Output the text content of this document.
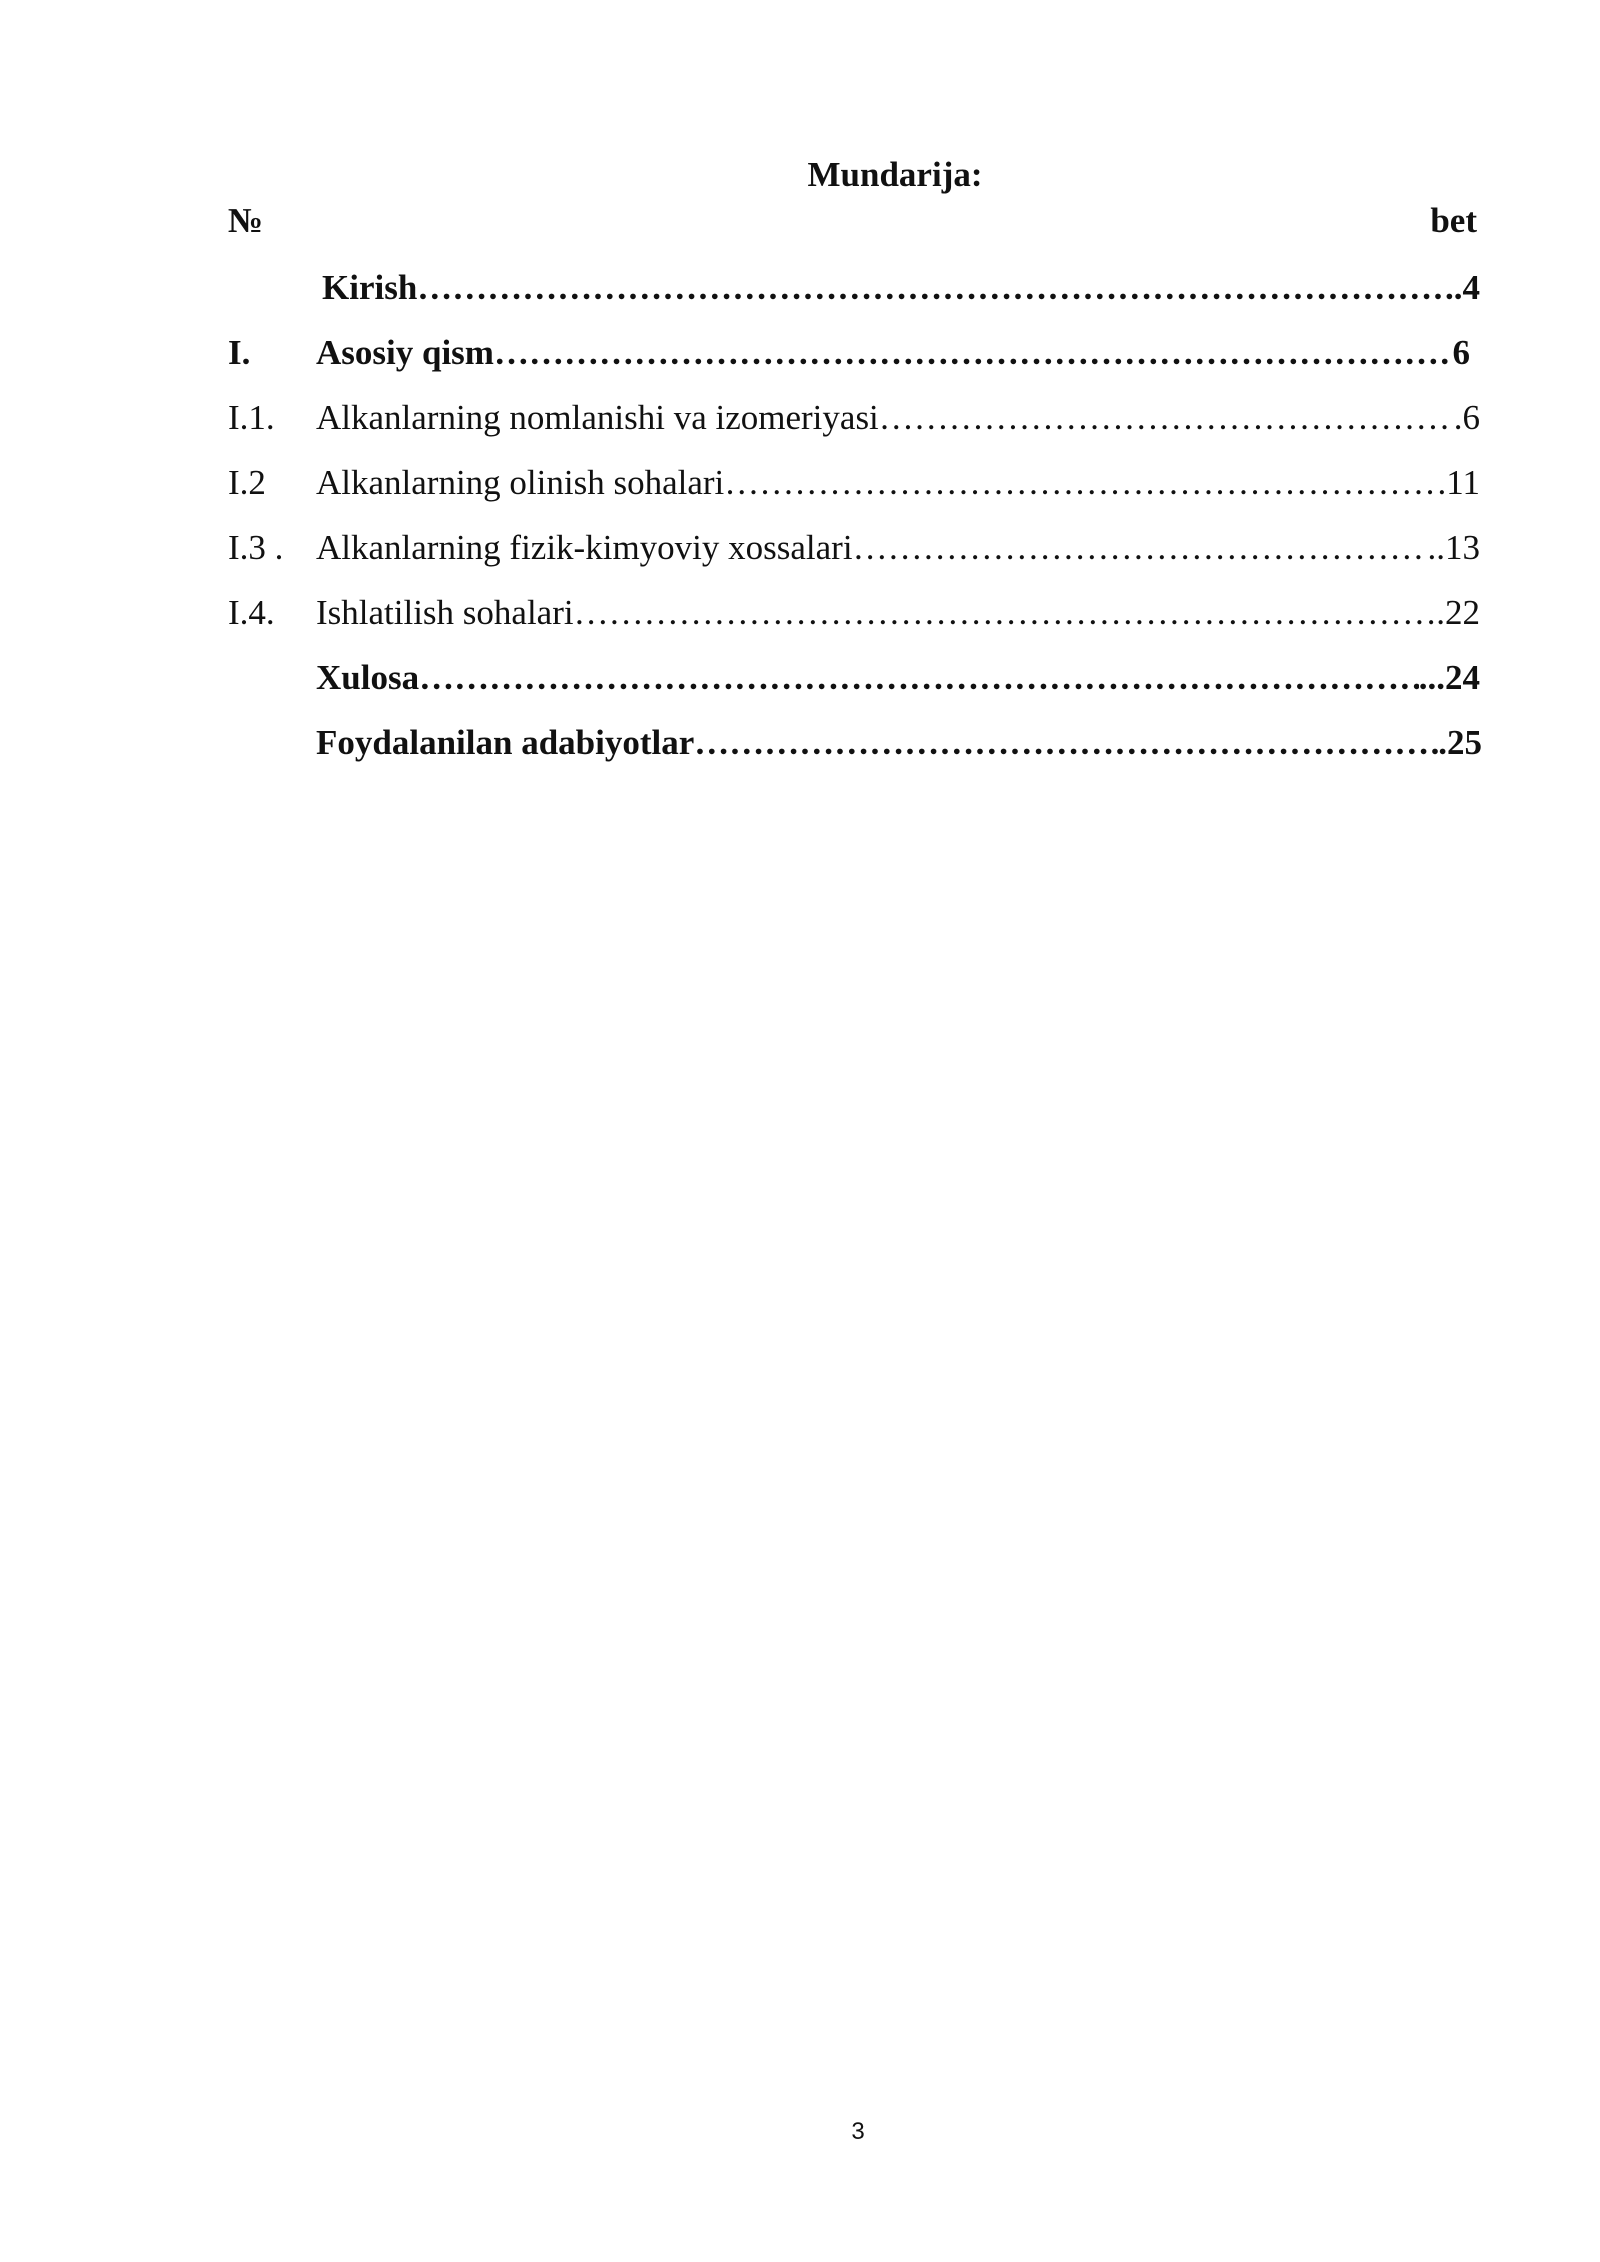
Mundarija:
№	bet
Kirish …………………………………………………………………………………………………………………………………………………………………………………	..4
I.	Asosiy qism …………………………………………………………………………………………………………………………………………………………………………………	6
I.1.	Alkanlarning nomlanishi va izomeriyasi …………………………………………………………………………………………………………………………………………………………………………………	.6
I.2	Alkanlarning olinish sohalari …………………………………………………………………………………………………………………………………………………………………………………	.11
I.3 . Alkanlarning fizik-kimyoviy xossalari …………………………………………………………………………………………………………………………………………………………………………………	..13
I.4.	Ishlatilish sohalari …………………………………………………………………………………………………………………………………………………………………………………	.22
Xulosa …………………………………………………………………………………………………………………………………………………………………………………	...24
Foydalanilan adabiyotlar …………………………………………………………………………………………………………………………………………………………………………………	.25
3
